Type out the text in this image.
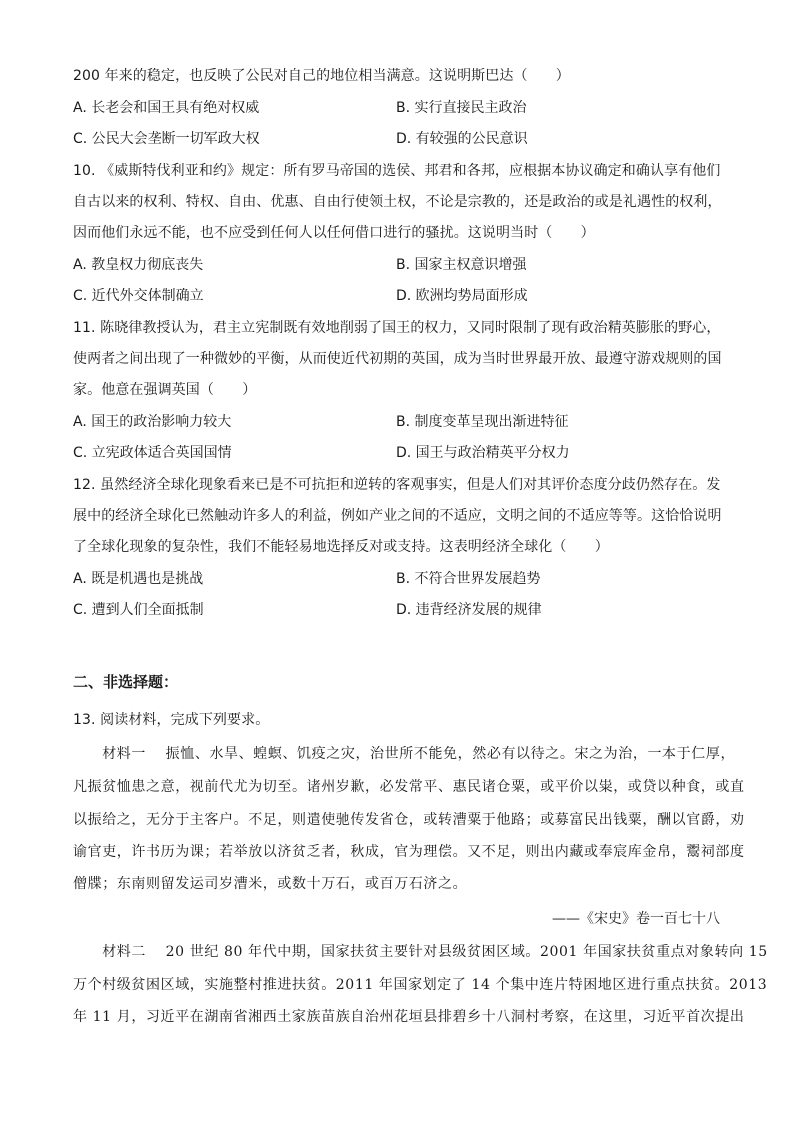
200 年来的稳定，也反映了公民对自己的地位相当满意。这说明斯巴达（　　）
A. 长老会和国王具有绝对权威	B. 实行直接民主政治
C. 公民大会垄断一切军政大权	D. 有较强的公民意识
10. 《威斯特伐利亚和约》规定：所有罗马帝国的选侯、邦君和各邦，应根据本协议确定和确认享有他们
自古以来的权利、特权、自由、优惠、自由行使领土权，不论是宗教的，还是政治的或是礼遇性的权利，
因而他们永远不能，也不应受到任何人以任何借口进行的骚扰。这说明当时（　　）
A. 教皇权力彻底丧失	B. 国家主权意识增强
C. 近代外交体制确立	D. 欧洲均势局面形成
11. 陈晓律教授认为，君主立宪制既有效地削弱了国王的权力，又同时限制了现有政治精英膨胀的野心，
使两者之间出现了一种微妙的平衡，从而使近代初期的英国，成为当时世界最开放、最遵守游戏规则的国
家。他意在强调英国（　　）
A. 国王的政治影响力较大	B. 制度变革呈现出渐进特征
C. 立宪政体适合英国国情	D. 国王与政治精英平分权力
12. 虽然经济全球化现象看来已是不可抗拒和逆转的客观事实，但是人们对其评价态度分歧仍然存在。发
展中的经济全球化已然触动许多人的利益，例如产业之间的不适应，文明之间的不适应等等。这恰恰说明
了全球化现象的复杂性，我们不能轻易地选择反对或支持。这表明经济全球化（　　）
A. 既是机遇也是挑战	B. 不符合世界发展趋势
C. 遭到人们全面抵制	D. 违背经济发展的规律
二、非选择题：
13. 阅读材料，完成下列要求。
　　材料一　 振恤、水旱、蝗螟、饥疫之灾，治世所不能免，然必有以待之。宋之为治，一本于仁厚，
凡振贫恤患之意，视前代尤为切至。诸州岁歉，必发常平、惠民诸仓粟，或平价以粜，或贷以种食，或直
以振给之，无分于主客户。不足，则遣使驰传发省仓，或转漕粟于他路；或募富民出钱粟，酬以官爵，劝
谕官吏，许书历为课；若举放以济贫乏者，秋成，官为理偿。又不足，则出内藏或奉宸库金帛，鬻祠部度
僧牒；东南则留发运司岁漕米，或数十万石，或百万石济之。
——《宋史》卷一百七十八
　　材料二　 20 世纪 80 年代中期，国家扶贫主要针对县级贫困区域。2001 年国家扶贫重点对象转向 15
万个村级贫困区域，实施整村推进扶贫。2011 年国家划定了 14 个集中连片特困地区进行重点扶贫。2013
年 11 月，习近平在湖南省湘西土家族苗族自治州花垣县排碧乡十八洞村考察，在这里，习近平首次提出
